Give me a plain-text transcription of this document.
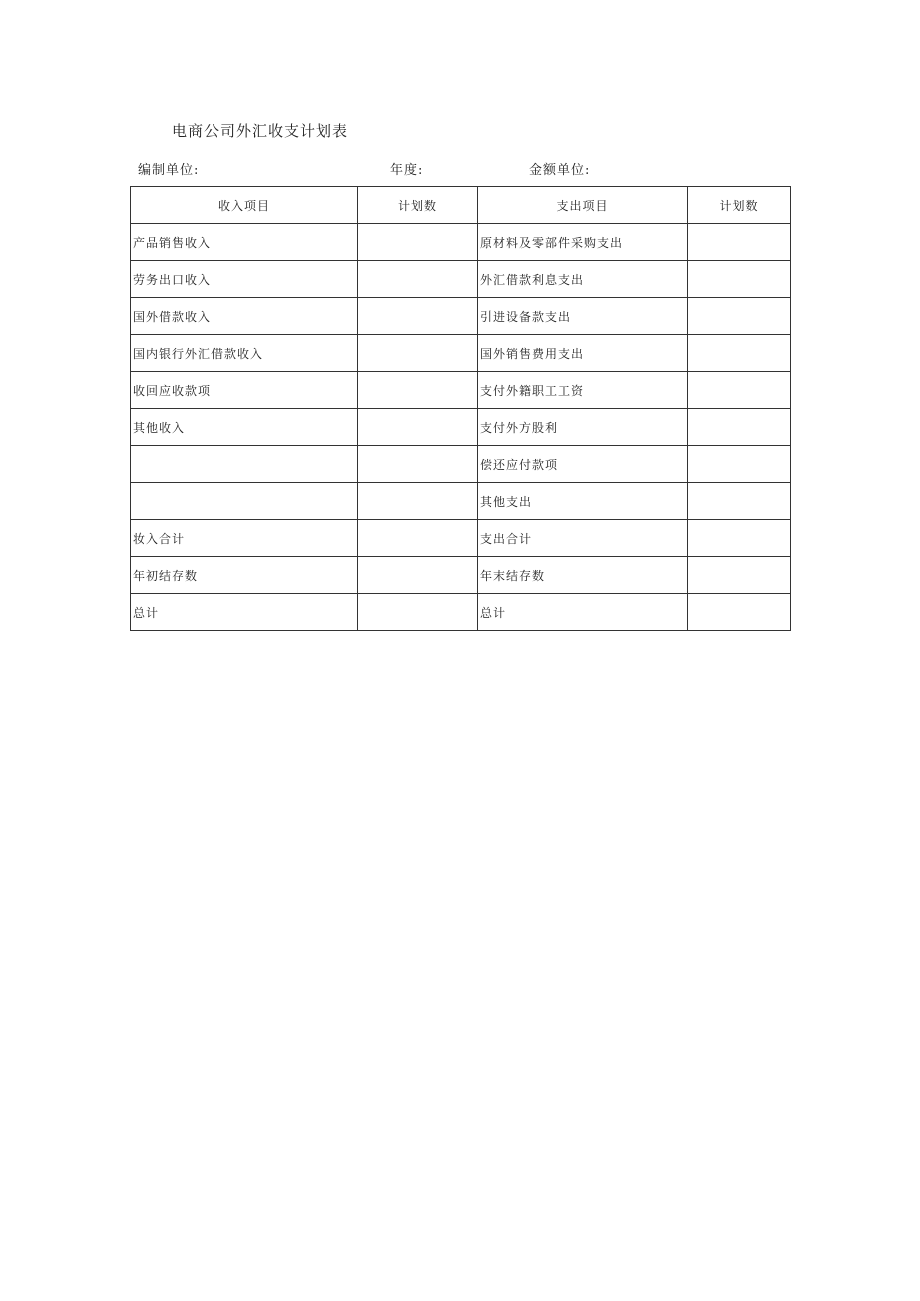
电商公司外汇收支计划表
编制单位:	年度:	金额单位:
收入项目	计划数	支出项目	计划数
产品销售收入		原材料及零部件采购支出	
劳务出口收入		外汇借款利息支出	
国外借款收入		引进设备款支出	
国内银行外汇借款收入		国外销售费用支出	
收回应收款项		支付外籍职工工资	
其他收入		支付外方股利	
		偿还应付款项	
		其他支出	
妆入合计		支出合计	
年初结存数		年末结存数	
总计		总计	
